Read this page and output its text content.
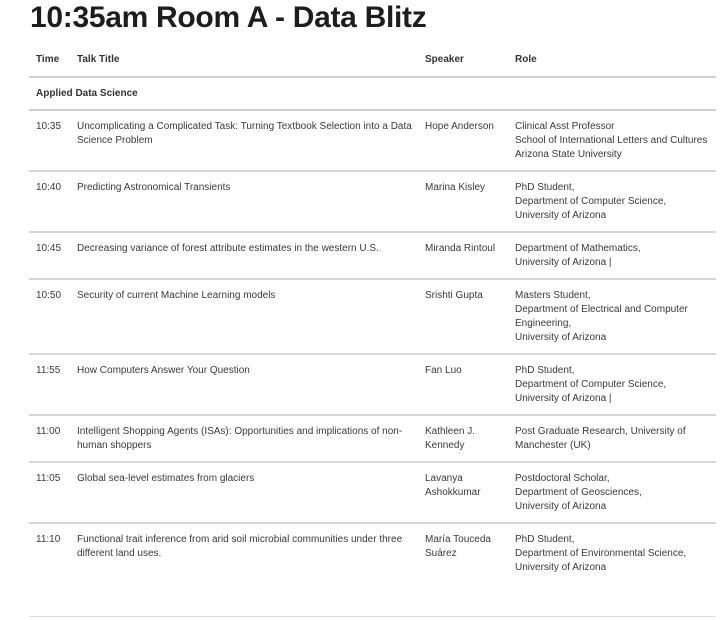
10:35am Room A - Data Blitz
Time	Talk Title	Speaker	Role
Applied Data Science			
10:35	Uncomplicating a Complicated Task: Turning Textbook Selection into a Data Science Problem	Hope Anderson	Clinical Asst Professor
School of International Letters and Cultures
Arizona State University

10:40	Predicting Astronomical Transients	Marina Kisley	PhD Student,
Department of Computer Science,
University of Arizona

10:45	Decreasing variance of forest attribute estimates in the western U.S.	Miranda Rintoul	Department of Mathematics,
University of Arizona |

10:50	Security of current Machine Learning models	Srishti Gupta	Masters Student,
Department of Electrical and Computer Engineering,
University of Arizona

11:55	How Computers Answer Your Question	Fan Luo	PhD Student,
Department of Computer Science,
University of Arizona |

11:00	Intelligent Shopping Agents (ISAs): Opportunities and implications of non-human shoppers	Kathleen J. Kennedy	Post Graduate Research, University of Manchester (UK)

11:05	Global sea-level estimates from glaciers	Lavanya Ashokkumar	Postdoctoral Scholar,
Department of Geosciences,
University of Arizona

11:10	Functional trait inference from arid soil microbial communities under three different land uses.	María Touceda Suárez	PhD Student,
Department of Environmental Science,
University of Arizona
